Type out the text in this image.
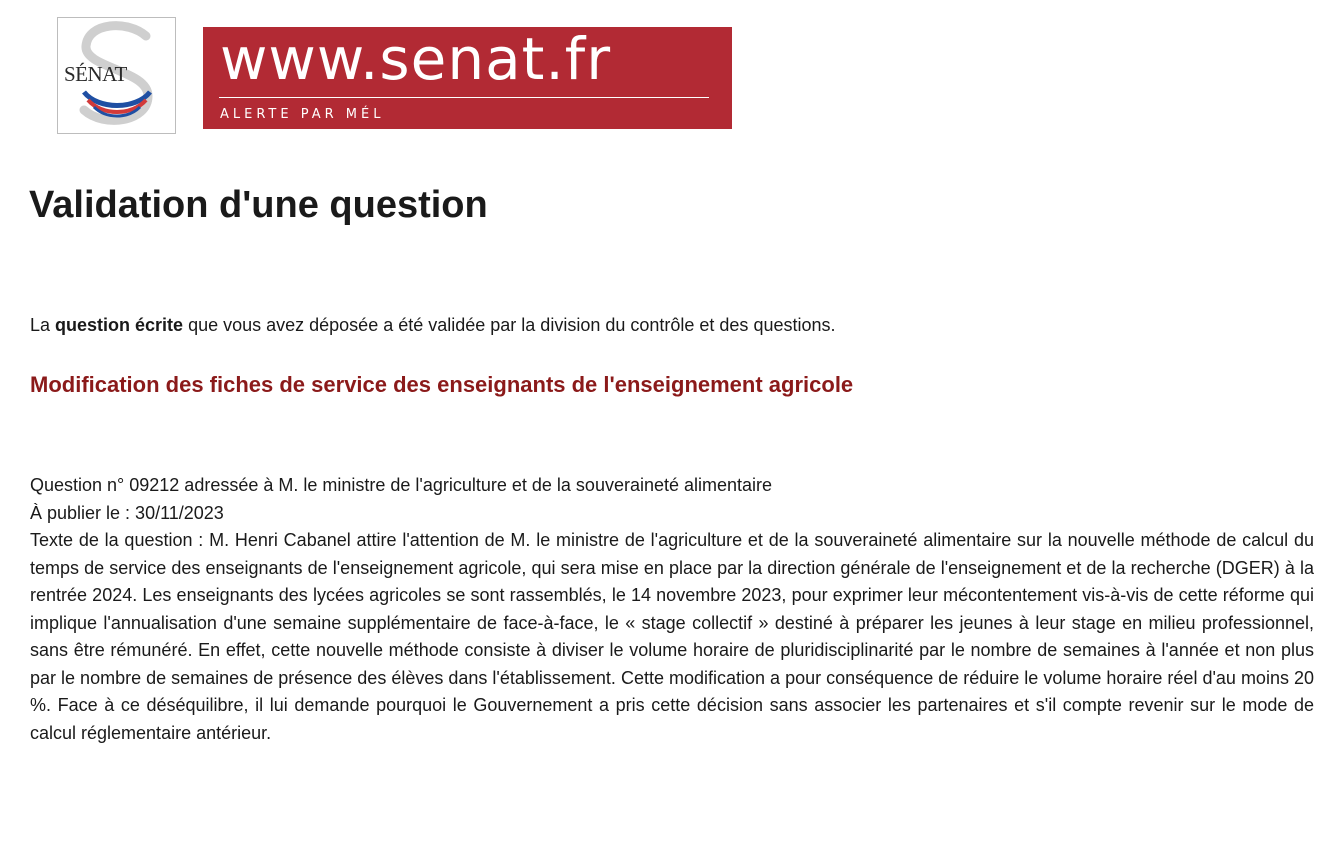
SÉNAT www.senat.fr
ALERTE PAR MÉL
Validation d'une question

La question écrite que vous avez déposée a été validée par la division du contrôle et des questions.

Modification des fiches de service des enseignants de l'enseignement agricole
Question n° 09212 adressée à M. le ministre de l'agriculture et de la souveraineté alimentaire
À publier le : 30/11/2023

Texte de la question : M. Henri Cabanel attire l'attention de M. le ministre de l'agriculture et de la souveraineté alimentaire sur la nouvelle méthode de calcul du temps de service des enseignants de l'enseignement agricole, qui sera mise en place par la direction générale de l'enseignement et de la recherche (DGER) à la rentrée 2024. Les enseignants des lycées agricoles se sont rassemblés, le 14 novembre 2023, pour exprimer leur mécontentement vis-à-vis de cette réforme qui implique l'annualisation d'une semaine supplémentaire de face-à-face, le « stage collectif » destiné à préparer les jeunes à leur stage en milieu professionnel, sans être rémunéré. En effet, cette nouvelle méthode consiste à diviser le volume horaire de pluridisciplinarité par le nombre de semaines à l'année et non plus par le nombre de semaines de présence des élèves dans l'établissement. Cette modification a pour conséquence de réduire le volume horaire réel d'au moins 20 %. Face à ce déséquilibre, il lui demande pourquoi le Gouvernement a pris cette décision sans associer les partenaires et s'il compte revenir sur le mode de calcul réglementaire antérieur.
